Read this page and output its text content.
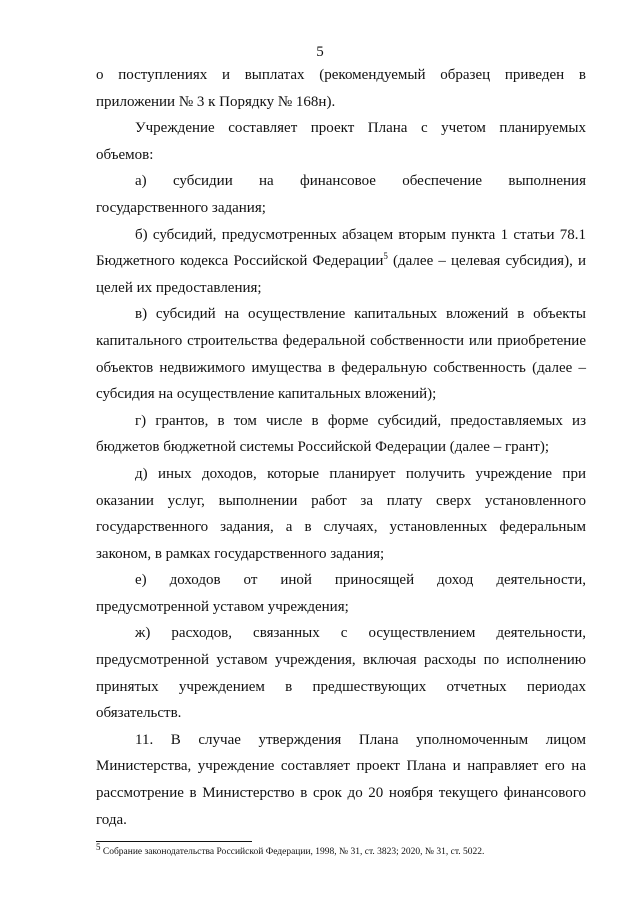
5

о поступлениях и выплатах (рекомендуемый образец приведен в приложении № 3 к Порядку № 168н).

Учреждение составляет проект Плана с учетом планируемых объемов:

а) субсидии на финансовое обеспечение выполнения государственного задания;

б) субсидий, предусмотренных абзацем вторым пункта 1 статьи 78.1 Бюджетного кодекса Российской Федерации$^5$ (далее – целевая субсидия), и целей их предоставления;

в) субсидий на осуществление капитальных вложений в объекты капитального строительства федеральной собственности или приобретение объектов недвижимого имущества в федеральную собственность (далее – субсидия на осуществление капитальных вложений);

г) грантов, в том числе в форме субсидий, предоставляемых из бюджетов бюджетной системы Российской Федерации (далее – грант);

д) иных доходов, которые планирует получить учреждение при оказании услуг, выполнении работ за плату сверх установленного государственного задания, а в случаях, установленных федеральным законом, в рамках государственного задания;

е) доходов от иной приносящей доход деятельности, предусмотренной уставом учреждения;

ж) расходов, связанных с осуществлением деятельности, предусмотренной уставом учреждения, включая расходы по исполнению принятых учреждением в предшествующих отчетных периодах обязательств.

11. В случае утверждения Плана уполномоченным лицом Министерства, учреждение составляет проект Плана и направляет его на рассмотрение в Министерство в срок до 20 ноября текущего финансового года.

$^5$ Собрание законодательства Российской Федерации, 1998, № 31, ст. 3823; 2020, № 31, ст. 5022.
